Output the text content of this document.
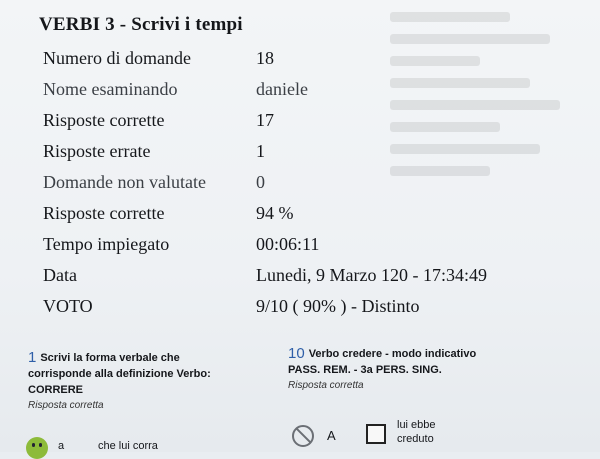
VERBI 3 - Scrivi i tempi
Numero di domande	18
Nome esaminando	daniele
Risposte corrette	17
Risposte errate	1
Domande non valutate	0
Risposte corrette	94 %
Tempo impiegato	00:06:11
Data	Lunedi, 9 Marzo 120 - 17:34:49
VOTO	9/10 ( 90% ) - Distinto
1 Scrivi la forma verbale che
corrisponde alla definizione Verbo:
CORRERE
Risposta corretta
10 Verbo credere - modo indicativo
PASS. REM. - 3a PERS. SING.
Risposta corretta
a	che lui corra
A
lui ebbe
creduto
